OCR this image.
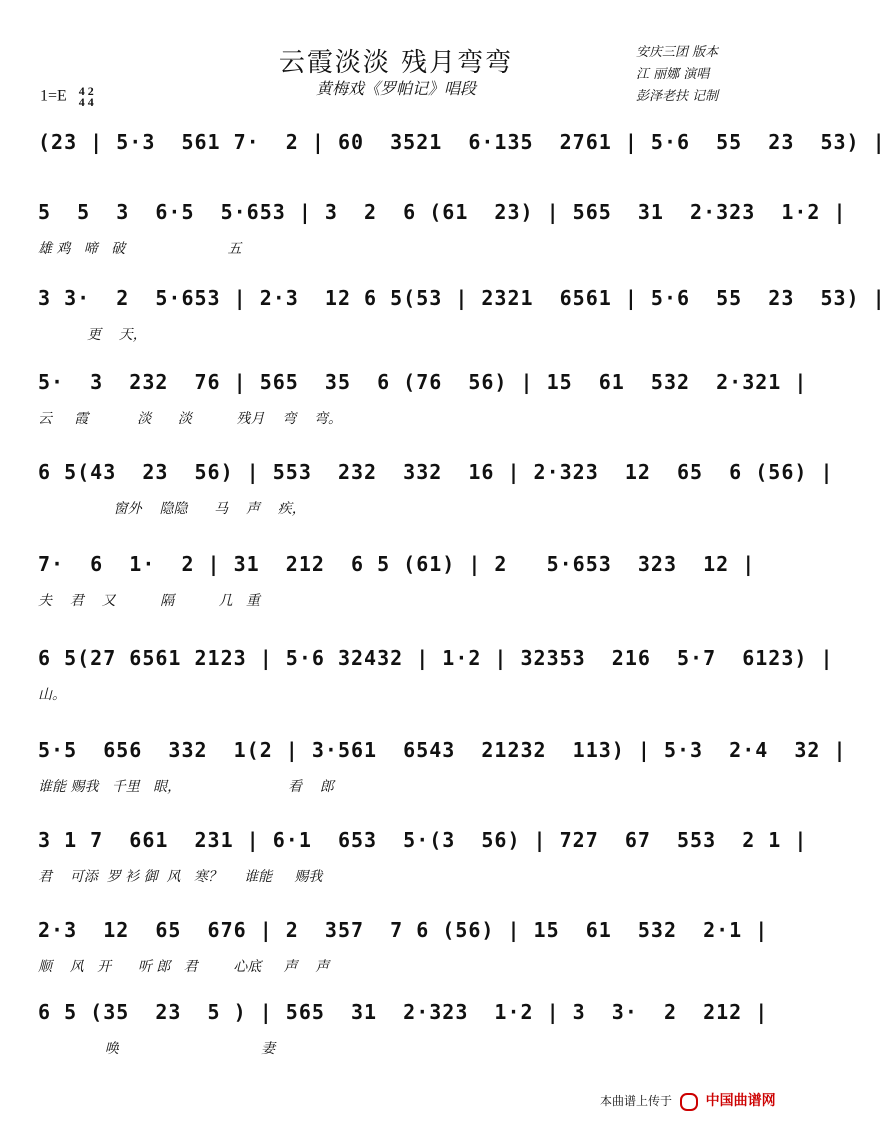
云霞淡淡 残月弯弯
黄梅戏《罗帕记》唱段
安庆三团 版本
江 丽娜 演唱
彭泽老扶 记制
1=E 4 2
4 4
(23 | 5·3  561 7·  2 | 60  3521  6·135  2761 | 5·6  55  23  53) |
5  5  3  6·5  5·653 | 3  2  6 (61  23) | 565  31  2·323  1·2 |
雄 鸡   啼   破                       五
3 3·  2  5·653 | 2·3  12 6 5(53 | 2321  6561 | 5·6  55  23  53) |
更    天，
5·  3  232  76 | 565  35  6 (76  56) | 15  61  532  2·321 |
云     霞           淡      淡          残月    弯    弯。
6 5(43  23  56) | 553  232  332  16 | 2·323  12  65  6 (56) |
窗外    隐隐      马    声    疾，
7·  6  1·  2 | 31  212  6 5 (61) | 2   5·653  323  12 |
夫    君    又          隔          几   重
6 5(27 6561 2123 | 5·6 32432 | 1·2 | 32353  216  5·7  6123) |
山。
5·5  656  332  1(2 | 3·561  6543  21232  113) | 5·3  2·4  32 |
谁能 赐我   千里   眼，                        看    郎
3 1 7  661  231 | 6·1  653  5·(3  56) | 727  67  553  2 1 |
君    可添  罗 衫 御  风   寒？     谁能     赐我
2·3  12  65  676 | 2  357  7 6 (56) | 15  61  532  2·1 |
顺    风   开      听 郎   君        心底     声    声
6 5 (35  23  5 ) | 565  31  2·323  1·2 | 3  3·  2  212 |
唤                                妻
本曲谱上传于 中国曲谱网
